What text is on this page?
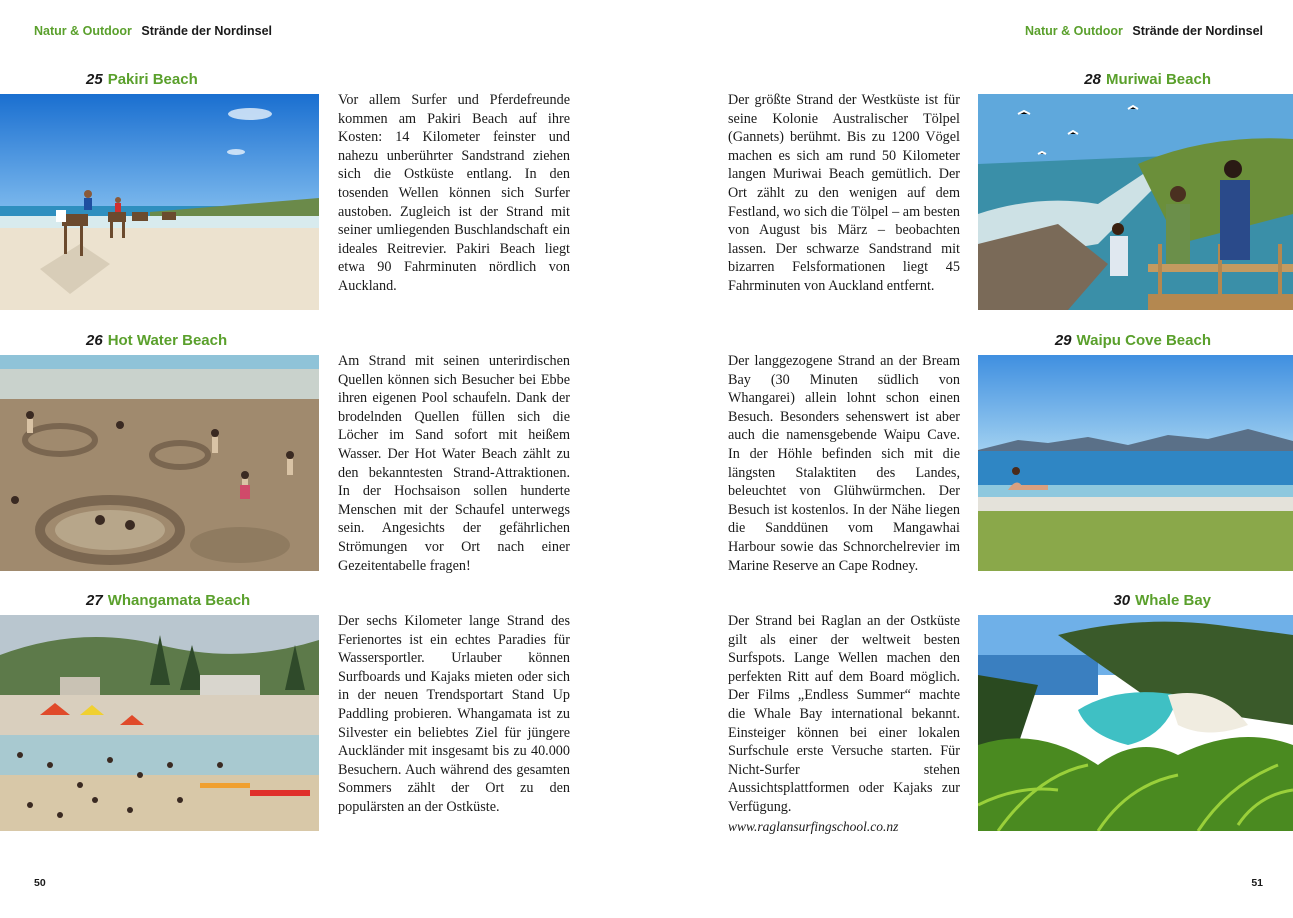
Natur & Outdoor Strände der Nordinsel	Natur & Outdoor Strände der Nordinsel
25 Pakiri Beach
Vor allem Surfer und Pferdefreunde kommen am Pakiri Beach auf ihre Kosten: 14 Kilometer feinster und nahezu unberührter Sandstrand ziehen sich die Ostküste entlang. In den tosenden Wellen können sich Surfer austoben. Zugleich ist der Strand mit seiner umliegenden Buschlandschaft ein ideales Reitrevier. Pakiri Beach liegt etwa 90 Fahrminuten nördlich von Auckland.
26 Hot Water Beach
Am Strand mit seinen unterirdischen Quellen können sich Besucher bei Ebbe ihren eigenen Pool schaufeln. Dank der brodelnden Quellen füllen sich die Löcher im Sand sofort mit heißem Wasser. Der Hot Water Beach zählt zu den bekanntesten Strand-Attraktionen. In der Hochsaison sollen hunderte Menschen mit der Schaufel unterwegs sein. Angesichts der gefährlichen Strömungen vor Ort nach einer Gezeitentabelle fragen!
27 Whangamata Beach
Der sechs Kilometer lange Strand des Ferienortes ist ein echtes Paradies für Wassersportler. Urlauber können Surfboards und Kajaks mieten oder sich in der neuen Trendsportart Stand Up Paddling probieren. Whangamata ist zu Silvester ein beliebtes Ziel für jüngere Auckländer mit insgesamt bis zu 40.000 Besuchern. Auch während des gesamten Sommers zählt der Ort zu den populärsten an der Ostküste.
28 Muriwai Beach
Der größte Strand der Westküste ist für seine Kolonie Australischer Tölpel (Gannets) berühmt. Bis zu 1200 Vögel machen es sich am rund 50 Kilometer langen Muriwai Beach gemütlich. Der Ort zählt zu den wenigen auf dem Festland, wo sich die Tölpel – am besten von August bis März – beobachten lassen. Der schwarze Sandstrand mit bizarren Felsformationen liegt 45 Fahrminuten von Auckland entfernt.
29 Waipu Cove Beach
Der langgezogene Strand an der Bream Bay (30 Minuten südlich von Whangarei) allein lohnt schon einen Besuch. Besonders sehenswert ist aber auch die namensgebende Waipu Cave. In der Höhle befinden sich mit die längsten Stalaktiten des Landes, beleuchtet von Glühwürmchen. Der Besuch ist kostenlos. In der Nähe liegen die Sanddünen vom Mangawhai Harbour sowie das Schnorchelrevier im Marine Reserve an Cape Rodney.
30 Whale Bay
Der Strand bei Raglan an der Ostküste gilt als einer der weltweit besten Surfspots. Lange Wellen machen den perfekten Ritt auf dem Board möglich. Der Films „Endless Summer“ machte die Whale Bay international bekannt. Einsteiger können bei einer lokalen Surfschule erste Versuche starten. Für Nicht-Surfer stehen Aussichtsplattformen oder Kajaks zur Verfügung.
www.raglansurfingschool.co.nz
50	51
